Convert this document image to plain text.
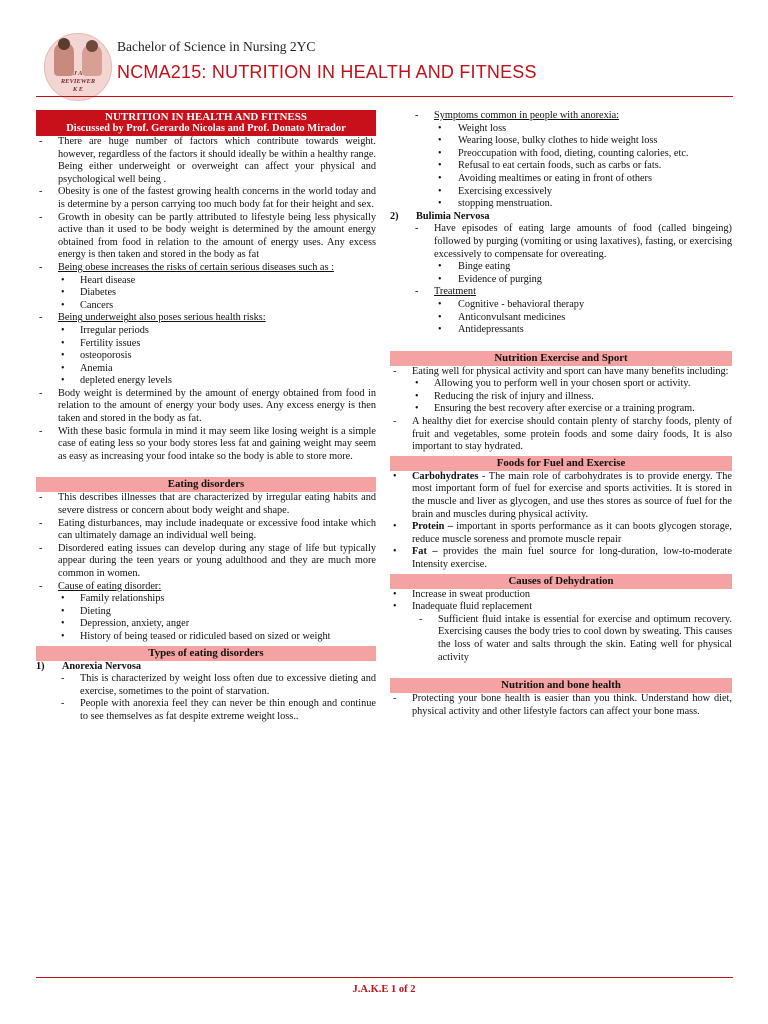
J A
REVIEWER
K E
Bachelor of Science in Nursing 2YC
NCMA215: NUTRITION IN HEALTH AND FITNESS
NUTRITION IN HEALTH AND FITNESS
Discussed by Prof. Gerardo Nicolas and Prof. Donato Mirador
- There are huge number of factors which contribute towards weight. however, regardless of the factors it should ideally be within a healthy range. Being either underweight or overweight can affect your physical and psychological well being .
- Obesity is one of the fastest growing health concerns in the world today and is determine by a person carrying too much body fat for their height and sex.
- Growth in obesity can be partly attributed to lifestyle being less physically active than it used to be body weight is determined by the amount energy obtained from food in relation to the amount of energy uses. Any excess energy is then taken and stored in the body as fat
- Being obese increases the risks of certain serious diseases such as :
• Heart disease
• Diabetes
• Cancers
- Being underweight also poses serious health risks:
• Irregular periods
• Fertility issues
• osteoporosis
• Anemia
• depleted energy levels
- Body weight is determined by the amount of energy obtained from food in relation to the amount of energy your body uses. Any excess energy is then taken and stored in the body as fat.
- With these basic formula in mind it may seem like losing weight is a simple case of eating less so your body stores less fat and gaining weight may seem as easy as increasing your food intake so the body is able to store more.
Eating disorders
- This describes illnesses that are characterized by irregular eating habits and severe distress or concern about body weight and shape.
- Eating disturbances, may include inadequate or excessive food intake which can ultimately damage an individual well being.
- Disordered eating issues can develop during any stage of life but typically appear during the teen years or young adulthood and they are much more common in women.
- Cause of eating disorder:
• Family relationships
• Dieting
• Depression, anxiety, anger
• History of being teased or ridiculed based on sized or weight
Types of eating disorders
1) Anorexia Nervosa
- This is characterized by weight loss often due to excessive dieting and exercise, sometimes to the point of starvation.
- People with anorexia feel they can never be thin enough and continue to see themselves as fat despite extreme weight loss..
- Symptoms common in people with anorexia:
• Weight loss
• Wearing loose, bulky clothes to hide weight loss
• Preoccupation with food, dieting, counting calories, etc.
• Refusal to eat certain foods, such as carbs or fats.
• Avoiding mealtimes or eating in front of others
• Exercising excessively
• stopping menstruation.
2) Bulimia Nervosa
- Have episodes of eating large amounts of food (called bingeing) followed by purging (vomiting or using laxatives), fasting, or exercising excessively to compensate for overeating.
• Binge eating
• Evidence of purging
- Treatment
• Cognitive - behavioral therapy
• Anticonvulsant medicines
• Antidepressants
Nutrition Exercise and Sport
- Eating well for physical activity and sport can have many benefits including:
• Allowing you to perform well in your chosen sport or activity.
• Reducing the risk of injury and illness.
• Ensuring the best recovery after exercise or a training program.
- A healthy diet for exercise should contain plenty of starchy foods, plenty of fruit and vegetables, some protein foods and some dairy foods, It is also important to stay hydrated.
Foods for Fuel and Exercise
• Carbohydrates - The main role of carbohydrates is to provide energy. The most important form of fuel for exercise and sports activities. It is stored in the muscle and liver as glycogen, and use thes stores as source of fuel for the brain and muscles during physical activity.
• Protein – important in sports performance as it can boots glycogen storage, reduce muscle soreness and promote muscle repair
• Fat – provides the main fuel source for long-duration, low-to-moderate Intensity exercise.
Causes of Dehydration
• Increase in sweat production
• Inadequate fluid replacement
- Sufficient fluid intake is essential for exercise and optimum recovery. Exercising causes the body tries to cool down by sweating. This causes the loss of water and salts through the skin. Eating well for physical activity
Nutrition and bone health
- Protecting your bone health is easier than you think. Understand how diet, physical activity and other lifestyle factors can affect your bone mass.
J.A.K.E 1 of 2
